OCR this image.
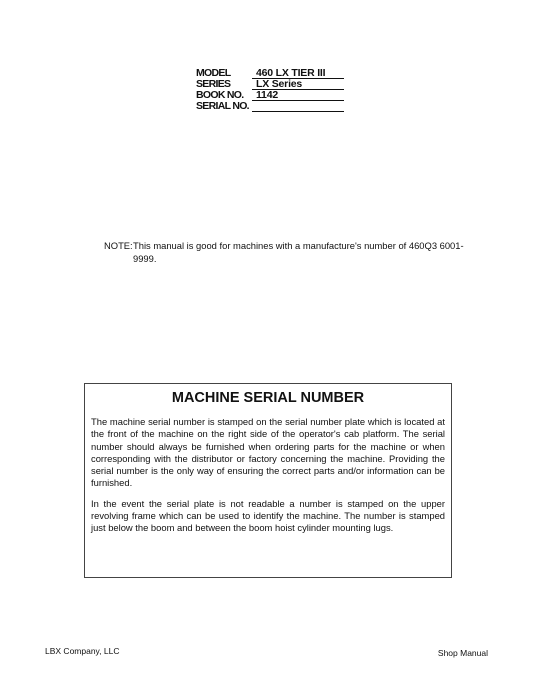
MODEL	460 LX TIER III
SERIES	LX Series
BOOK NO.	1142
SERIAL NO.
NOTE: This manual is good for machines with a manufacture's number of 460Q3 6001-9999.
MACHINE SERIAL NUMBER

The machine serial number is stamped on the serial number plate which is located at the front of the machine on the right side of the operator's cab platform. The serial number should always be furnished when ordering parts for the machine or when corresponding with the distributor or factory concerning the machine. Providing the serial number is the only way of ensuring the correct parts and/or information can be furnished.

In the event the serial plate is not readable a number is stamped on the upper revolving frame which can be used to identify the machine. The number is stamped just below the boom and between the boom hoist cylinder mounting lugs.

LBX Company, LLC	Shop Manual
